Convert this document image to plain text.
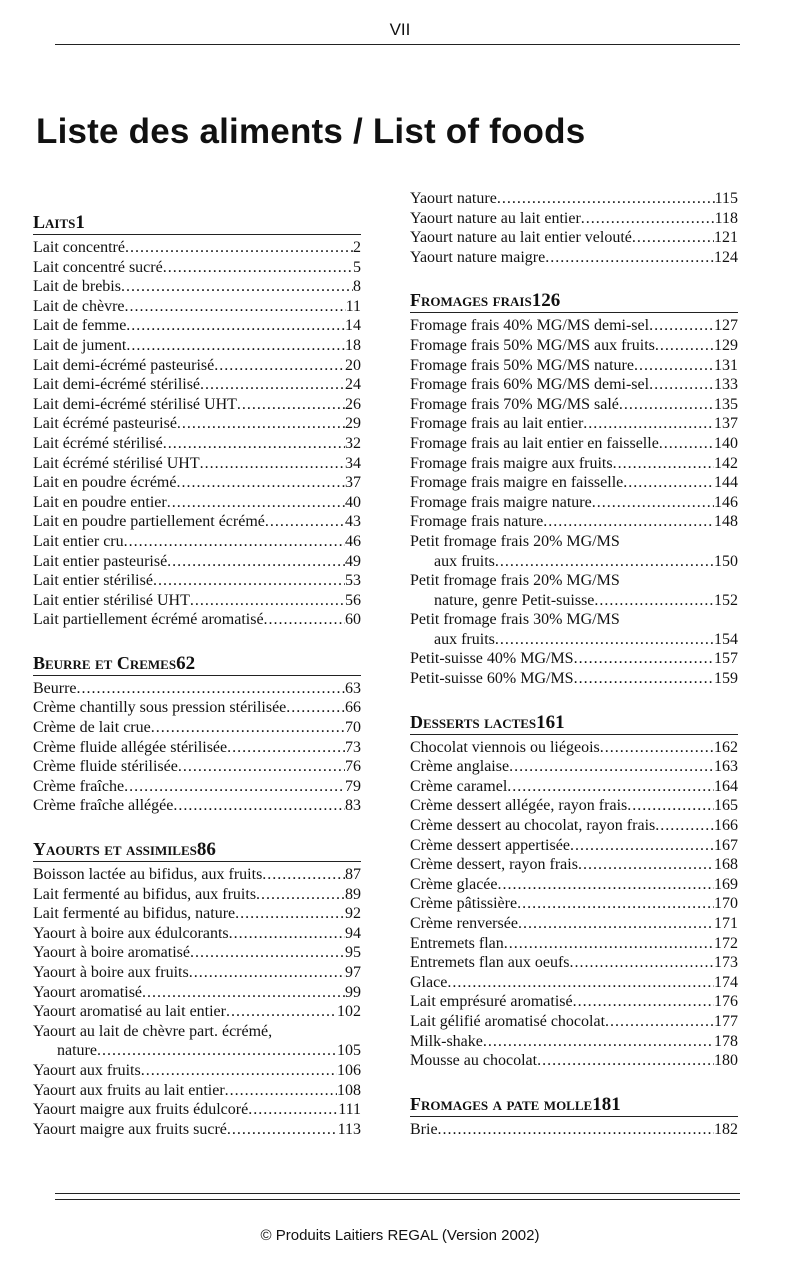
VII
Liste des aliments / List of foods
Laits 1
Lait concentré .....	2
Lait concentré sucré .....	5
Lait de brebis .....	8
Lait de chèvre .....	11
Lait de femme .....	14
Lait de jument .....	18
Lait demi-écrémé pasteurisé .....	20
Lait demi-écrémé stérilisé .....	24
Lait demi-écrémé stérilisé UHT .....	26
Lait écrémé pasteurisé .....	29
Lait écrémé stérilisé .....	32
Lait écrémé stérilisé UHT .....	34
Lait en poudre écrémé .....	37
Lait en poudre entier .....	40
Lait en poudre partiellement écrémé .....	43
Lait entier cru .....	46
Lait entier pasteurisé .....	49
Lait entier stérilisé .....	53
Lait entier stérilisé UHT .....	56
Lait partiellement écrémé aromatisé .....	60
Beurre et Cremes 62
Beurre .....	63
Crème chantilly sous pression stérilisée .....	66
Crème de lait crue .....	70
Crème fluide allégée stérilisée .....	73
Crème fluide stérilisée .....	76
Crème fraîche .....	79
Crème fraîche allégée .....	83
Yaourts et assimiles 86
Boisson lactée au bifidus, aux fruits .....	87
Lait fermenté au bifidus, aux fruits .....	89
Lait fermenté au bifidus, nature .....	92
Yaourt à boire aux édulcorants .....	94
Yaourt à boire aromatisé .....	95
Yaourt à boire aux fruits .....	97
Yaourt aromatisé .....	99
Yaourt aromatisé au lait entier .....	102
Yaourt au lait de chèvre part. écrémé,
nature .....	105
Yaourt aux fruits .....	106
Yaourt aux fruits au lait entier .....	108
Yaourt maigre aux fruits édulcoré .....	111
Yaourt maigre aux fruits sucré .....	113
Yaourt nature .....	115
Yaourt nature au lait entier .....	118
Yaourt nature au lait entier velouté .....	121
Yaourt nature maigre .....	124
Fromages frais 126
Fromage frais 40% MG/MS demi-sel .....	127
Fromage frais 50% MG/MS aux fruits .....	129
Fromage frais 50% MG/MS nature .....	131
Fromage frais 60% MG/MS demi-sel .....	133
Fromage frais 70% MG/MS salé .....	135
Fromage frais au lait entier .....	137
Fromage frais au lait entier en faisselle .....	140
Fromage frais maigre aux fruits .....	142
Fromage frais maigre en faisselle .....	144
Fromage frais maigre nature .....	146
Fromage frais nature .....	148
Petit fromage frais 20% MG/MS
aux fruits .....	150
Petit fromage frais 20% MG/MS
nature, genre Petit-suisse .....	152
Petit fromage frais 30% MG/MS
aux fruits .....	154
Petit-suisse 40% MG/MS .....	157
Petit-suisse 60% MG/MS .....	159
Desserts lactes 161
Chocolat viennois ou liégeois .....	162
Crème anglaise .....	163
Crème caramel .....	164
Crème dessert allégée, rayon frais .....	165
Crème dessert au chocolat, rayon frais .....	166
Crème dessert appertisée .....	167
Crème dessert, rayon frais .....	168
Crème glacée .....	169
Crème pâtissière .....	170
Crème renversée .....	171
Entremets flan .....	172
Entremets flan aux oeufs .....	173
Glace .....	174
Lait emprésuré aromatisé .....	176
Lait gélifié aromatisé chocolat .....	177
Milk-shake .....	178
Mousse au chocolat .....	180
Fromages a pate molle 181
Brie .....	182
© Produits Laitiers REGAL (Version 2002)
